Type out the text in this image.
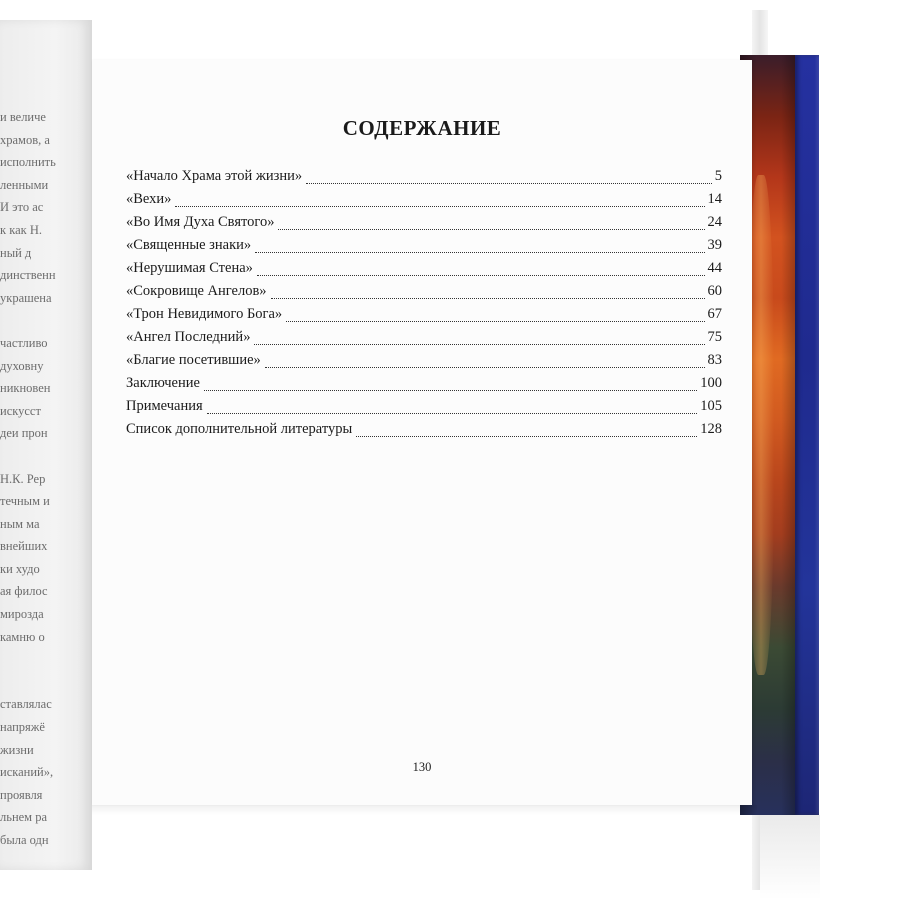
и величе
храмов, а
исполнить
ленными
И это ас
к как Н.
ный д
динственн
украшена
частливо
духовну
никновен
искусст
деи прон
Н.К. Рер
течным и
ным ма
внейших
ки худо
ая филос
мирозда
камню о
ставлялас
напряжё
жизни
исканий»,
проявля
льнем ра
была одн
СОДЕРЖАНИЕ
«Начало Храма этой жизни»	5
«Вехи»	14
«Во Имя Духа Святого»	24
«Священные знаки»	39
«Нерушимая Стена»	44
«Сокровище Ангелов»	60
«Трон Невидимого Бога»	67
«Ангел Последний»	75
«Благие посетившие»	83
Заключение	100
Примечания	105
Список дополнительной литературы	128
130
